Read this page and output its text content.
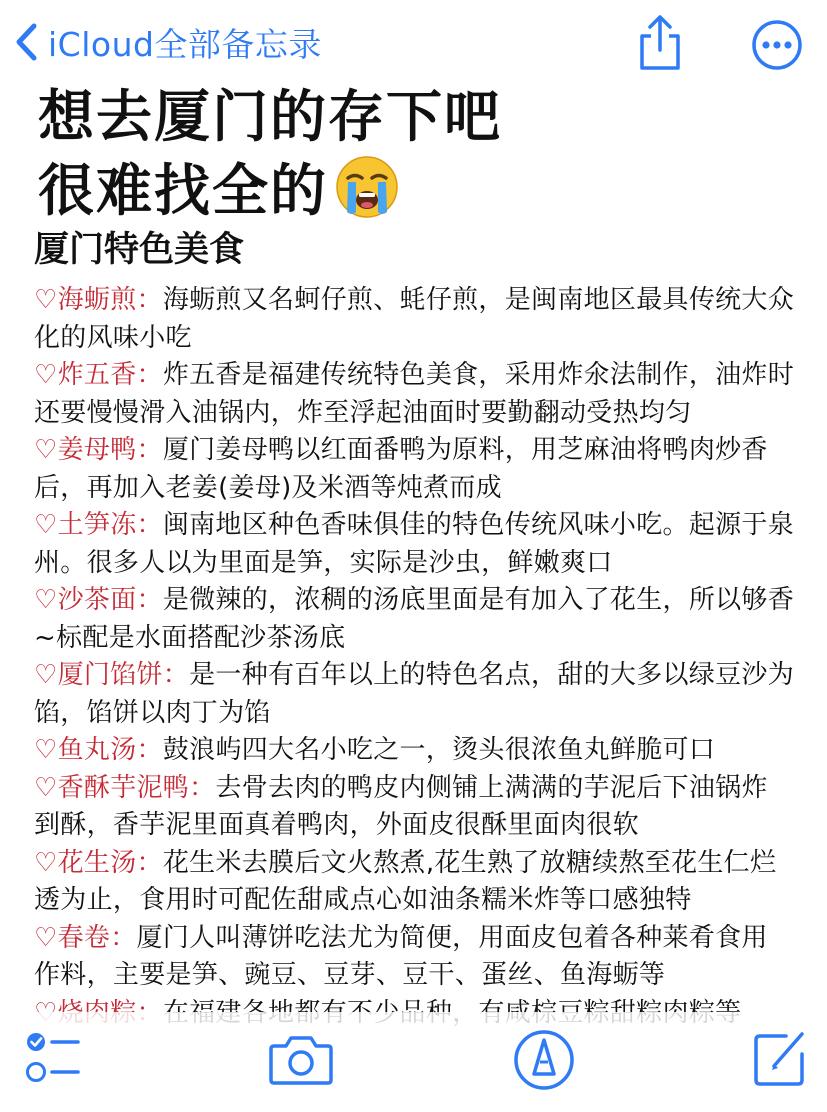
iCloud全部备忘录
想去厦门的存下吧
很难找全的
厦门特色美食
♡海蛎煎：海蛎煎又名蚵仔煎、蚝仔煎，是闽南地区最具传统大众化的风味小吃
♡炸五香：炸五香是福建传统特色美食，采用炸氽法制作，油炸时还要慢慢滑入油锅内，炸至浮起油面时要勤翻动受热均匀
♡姜母鸭：厦门姜母鸭以红面番鸭为原料，用芝麻油将鸭肉炒香后，再加入老姜(姜母)及米酒等炖煮而成
♡土笋冻：闽南地区种色香味俱佳的特色传统风味小吃。起源于泉州。很多人以为里面是笋，实际是沙虫，鲜嫩爽口
♡沙茶面：是微辣的，浓稠的汤底里面是有加入了花生，所以够香~标配是水面搭配沙茶汤底
♡厦门馅饼：是一种有百年以上的特色名点，甜的大多以绿豆沙为馅，馅饼以肉丁为馅
♡鱼丸汤：鼓浪屿四大名小吃之一，烫头很浓鱼丸鲜脆可口
♡香酥芋泥鸭：去骨去肉的鸭皮内侧铺上满满的芋泥后下油锅炸到酥，香芋泥里面真着鸭肉，外面皮很酥里面肉很软
♡花生汤：花生米去膜后文火熬煮,花生熟了放糖续熬至花生仁烂透为止，食用时可配佐甜咸点心如油条糯米炸等口感独特
♡春卷：厦门人叫薄饼吃法尤为简便，用面皮包着各种莱肴食用作料，主要是笋、豌豆、豆芽、豆干、蛋丝、鱼海蛎等
